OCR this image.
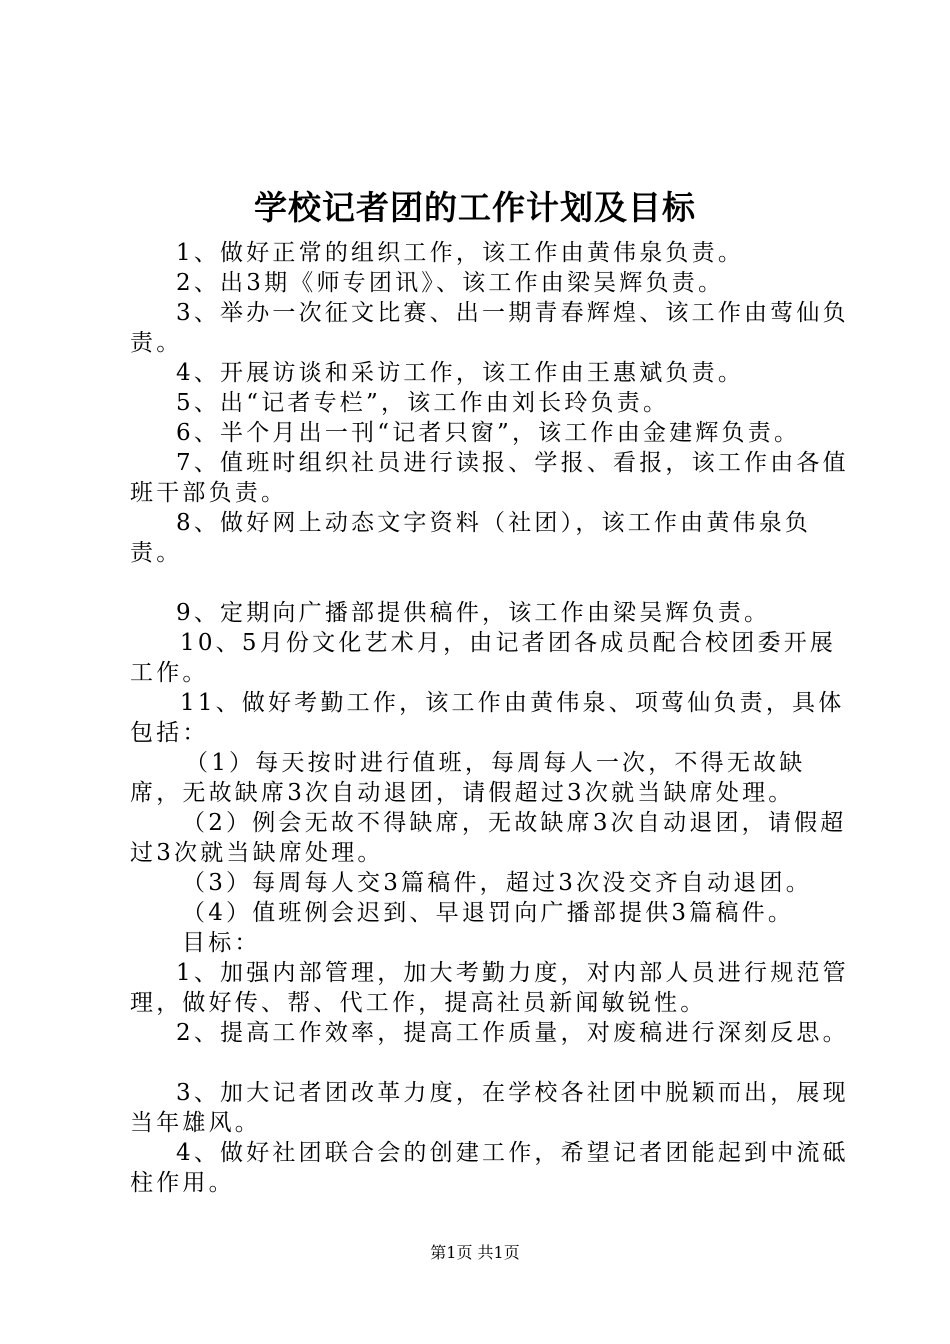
学校记者团的工作计划及目标

1、做好正常的组织工作，该工作由黄伟泉负责。

2、出3期《师专团讯》、该工作由梁吴辉负责。

3、举办一次征文比赛、出一期青春辉煌、该工作由莺仙负责。

4、开展访谈和采访工作，该工作由王惠斌负责。

5、出“记者专栏”，该工作由刘长玲负责。

6、半个月出一刊“记者只窗”，该工作由金建辉负责。

7、值班时组织社员进行读报、学报、看报，该工作由各值班干部负责。

8、做好网上动态文字资料（社团），该工作由黄伟泉负责。

9、定期向广播部提供稿件，该工作由梁吴辉负责。

10、5月份文化艺术月，由记者团各成员配合校团委开展工作。

11、做好考勤工作，该工作由黄伟泉、项莺仙负责，具体包括：

（1）每天按时进行值班，每周每人一次，不得无故缺席，无故缺席3次自动退团，请假超过3次就当缺席处理。

（2）例会无故不得缺席，无故缺席3次自动退团，请假超过3次就当缺席处理。

（3）每周每人交3篇稿件，超过3次没交齐自动退团。

（4）值班例会迟到、早退罚向广播部提供3篇稿件。

目标：

1、加强内部管理，加大考勤力度，对内部人员进行规范管理，做好传、帮、代工作，提高社员新闻敏锐性。

2、提高工作效率，提高工作质量，对废稿进行深刻反思。

3、加大记者团改革力度，在学校各社团中脱颖而出，展现当年雄风。

4、做好社团联合会的创建工作，希望记者团能起到中流砥柱作用。

第1页 共1页
